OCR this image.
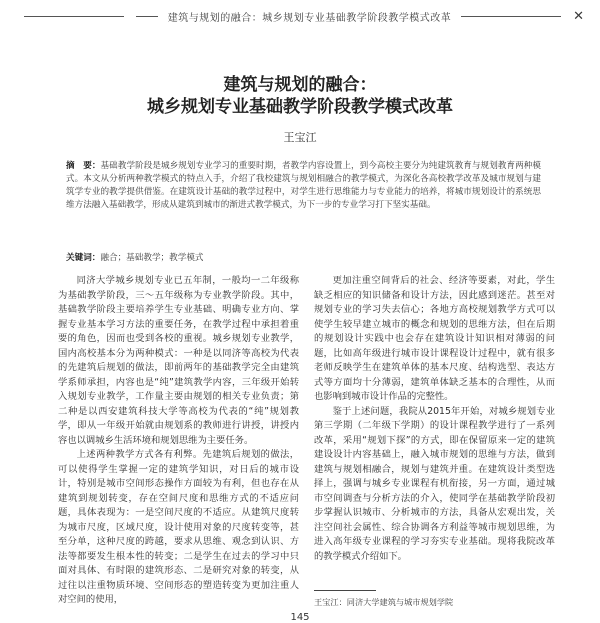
建筑与规划的融合：城乡规划专业基础教学阶段教学模式改革	✕
建筑与规划的融合：
城乡规划专业基础教学阶段教学模式改革
王宝江
摘　要：基础教学阶段是城乡规划专业学习的重要时期，者教学内容设置上，到今高校主要分为纯建筑教育与规划教育两种模式。本文从分析两种教学模式的特点入手，介绍了我校建筑与规划相融合的教学模式，为深化各高校教学改革及城市规划与建筑学专业的教学提供借鉴。在建筑设计基础的教学过程中，对学生进行思维能力与专业能力的培养，将城市规划设计的系统思维方法融入基础教学，形成从建筑到城市的渐进式教学模式，为下一步的专业学习打下坚实基础。
关键词：融合；基础教学；教学模式

同济大学城乡规划专业已五年制，一般均一二年级称为基础教学阶段，三～五年级称为专业教学阶段。其中，基础教学阶段主要培养学生专业基础、明确专业方向、掌握专业基本学习方法的重要任务，在教学过程中承担着重要的角色，因而也受到各校的重视。城乡规划专业教学，国内高校基本分为两种模式：一种是以同济等高校为代表的先建筑后规划的做法，即前两年的基础教学完全由建筑学系师承担，内容也是“纯”建筑教学内容，三年级开始转入规划专业教学，工作量主要由规划的相关专业负责；第二种是以西安建筑科技大学等高校为代表的“纯”规划教学，即从一年级开始就由规划系的教师进行讲授，讲授内容也以调城乡生活环境和规划思维为主要任务。

上述两种教学方式各有利弊。先建筑后规划的做法，可以使得学生掌握一定的建筑学知识，对日后的城市设计，特别是城市空间形态操作方面较为有利，但也存在从建筑到规划转变，存在空间尺度和思维方式的不适应问题，具体表现为：一是空间尺度的不适应。从建筑尺度转为城市尺度，区域尺度，设计使用对象的尺度转变等，甚至分单，这种尺度的跨越，要求从思维、观念到认识、方法等都要发生根本性的转变；二是学生在过去的学习中只面对具体、有时限的建筑形态、二是研究对象的转变，从过往以注重物质环境、空间形态的塑造转变为更加注重人对空间的使用，

更加注重空间背后的社会、经济等要素，对此，学生缺乏相应的知识储备和设计方法，因此感到迷茫。甚至对规划专业的学习失去信心；各地方高校规划教学方式可以使学生较早建立城市的概念和规划的思维方法，但在后期的规划设计实践中也会存在建筑设计知识相对薄弱的问题，比如高年级进行城市设计课程设计过程中，就有很多老师反映学生在建筑单体的基本尺度、结构选型、表达方式等方面均十分薄弱，建筑单体缺乏基本的合理性，从而也影响到城市设计作品的完整性。

鉴于上述问题，我院从2015年开始，对城乡规划专业第三学期（二年级下学期）的设计课程教学进行了一系列改革，采用“规划下探”的方式，即在保留原来一定的建筑建设设计内容基础上，融入城市规划的思维与方法，做到建筑与规划相融合，规划与建筑并重。在建筑设计类型选择上，强调与城乡专业课程有机衔接，另一方面，通过城市空间调查与分析方法的介入，使同学在基础教学阶段初步掌握认识城市、分析城市的方法，具备从宏观出发，关注空间社会属性、综合协调各方利益等城市规划思维，为进入高年级专业课程的学习夯实专业基础。现将我院改革的教学模式介绍如下。

王宝江：同济大学建筑与城市规划学院
145
